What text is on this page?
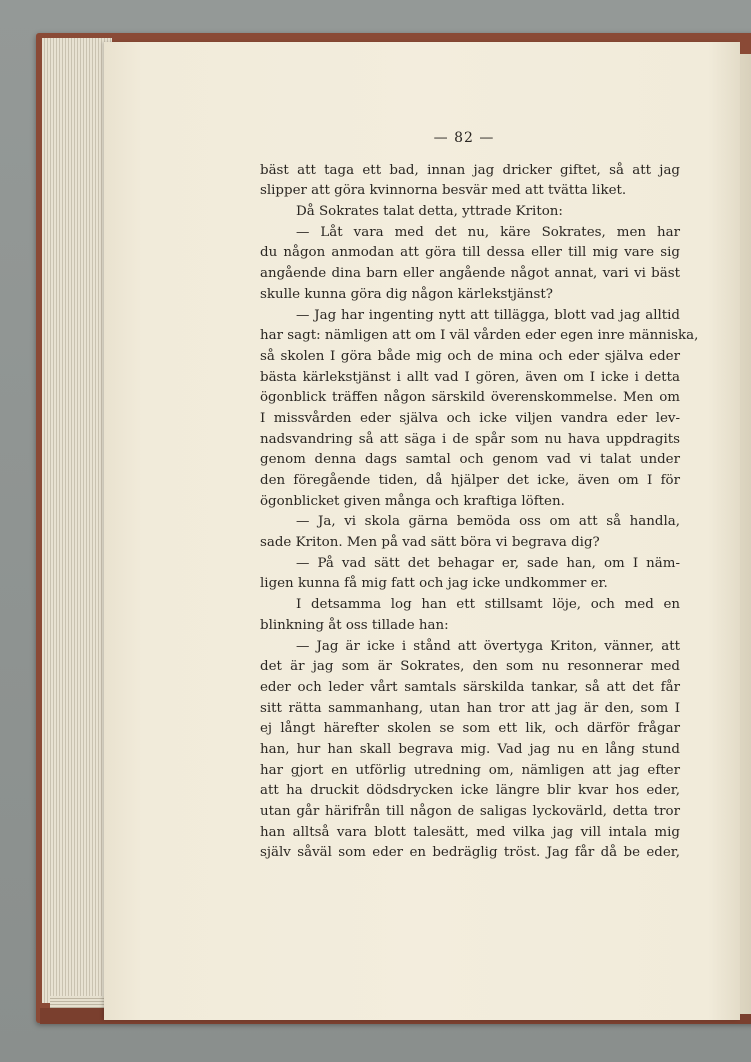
— 82 —
bäst att taga ett bad, innan jag dricker giftet, så att jag
slipper att göra kvinnorna besvär med att tvätta liket.
Då Sokrates talat detta, yttrade Kriton:
— Låt vara med det nu, käre Sokrates, men har
du någon anmodan att göra till dessa eller till mig vare sig
angående dina barn eller angående något annat, vari vi bäst
skulle kunna göra dig någon kärlekstjänst?
— Jag har ingenting nytt att tillägga, blott vad jag alltid
har sagt: nämligen att om I väl vården eder egen inre människa,
så skolen I göra både mig och de mina och eder själva eder
bästa kärlekstjänst i allt vad I gören, även om I icke i detta
ögonblick träffen någon särskild överenskommelse. Men om
I missvården eder själva och icke viljen vandra eder lev-
nadsvandring så att säga i de spår som nu hava uppdragits
genom denna dags samtal och genom vad vi talat under
den föregående tiden, då hjälper det icke, även om I för
ögonblicket given många och kraftiga löften.
— Ja, vi skola gärna bemöda oss om att så handla,
sade Kriton. Men på vad sätt böra vi begrava dig?
— På vad sätt det behagar er, sade han, om I näm-
ligen kunna få mig fatt och jag icke undkommer er.
I detsamma log han ett stillsamt löje, och med en
blinkning åt oss tillade han:
— Jag är icke i stånd att övertyga Kriton, vänner, att
det är jag som är Sokrates, den som nu resonnerar med
eder och leder vårt samtals särskilda tankar, så att det får
sitt rätta sammanhang, utan han tror att jag är den, som I
ej långt härefter skolen se som ett lik, och därför frågar
han, hur han skall begrava mig. Vad jag nu en lång stund
har gjort en utförlig utredning om, nämligen att jag efter
att ha druckit dödsdrycken icke längre blir kvar hos eder,
utan går härifrån till någon de saligas lyckovärld, detta tror
han alltså vara blott talesätt, med vilka jag vill intala mig
själv såväl som eder en bedräglig tröst. Jag får då be eder,
